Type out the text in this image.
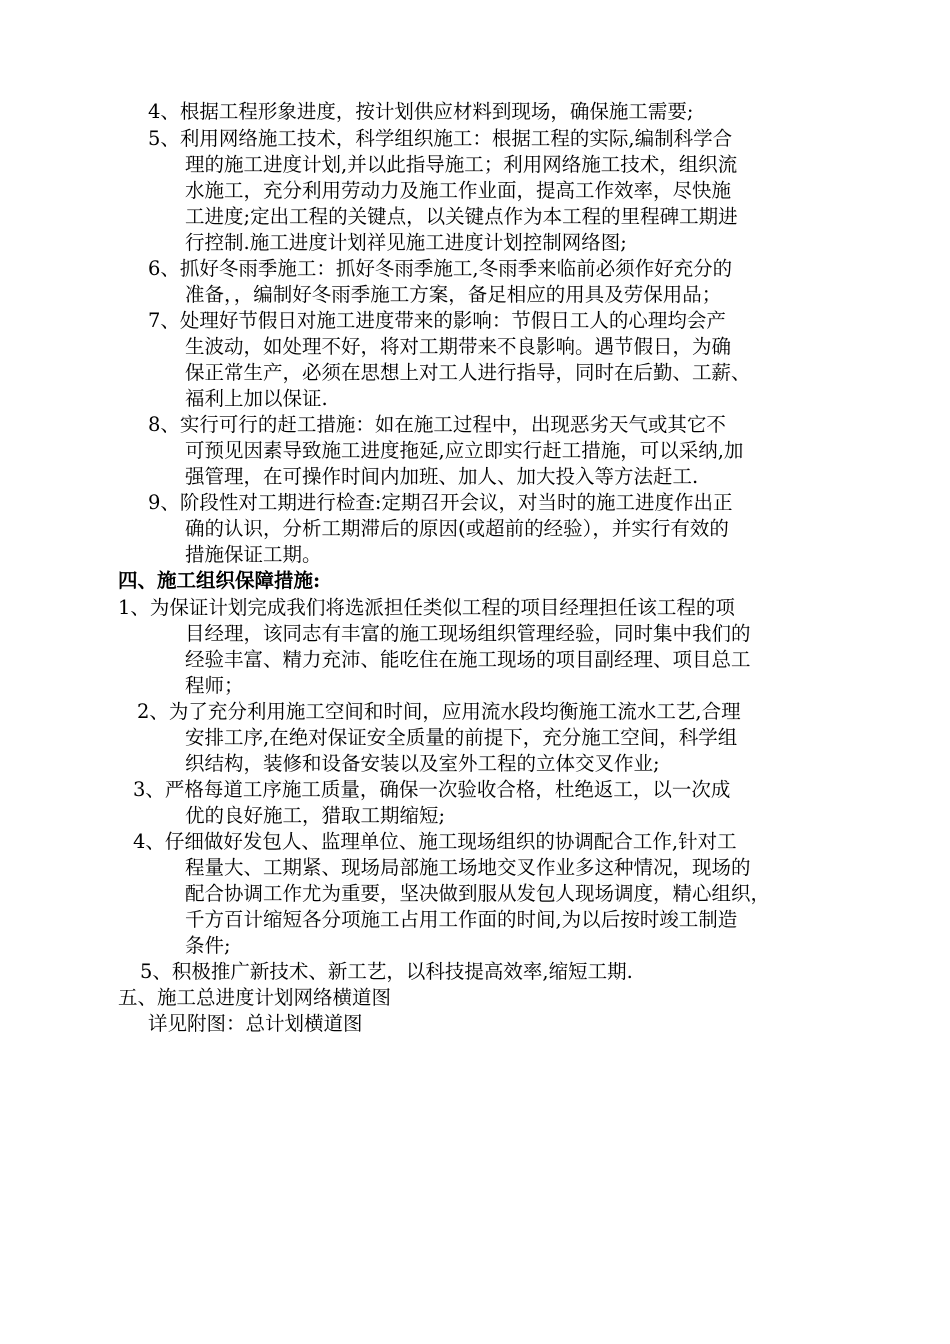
4、根据工程形象进度，按计划供应材料到现场，确保施工需要;
5、利用网络施工技术，科学组织施工：根据工程的实际,编制科学合
理的施工进度计划,并以此指导施工；利用网络施工技术，组织流
水施工，充分利用劳动力及施工作业面，提高工作效率，尽快施
工进度;定出工程的关键点，以关键点作为本工程的里程碑工期进
行控制.施工进度计划祥见施工进度计划控制网络图;
6、抓好冬雨季施工：抓好冬雨季施工,冬雨季来临前必须作好充分的
准备，，编制好冬雨季施工方案，备足相应的用具及劳保用品；
7、处理好节假日对施工进度带来的影响：节假日工人的心理均会产
生波动，如处理不好，将对工期带来不良影响。遇节假日，为确
保正常生产，必须在思想上对工人进行指导，同时在后勤、工薪、
福利上加以保证.
8、实行可行的赶工措施：如在施工过程中，出现恶劣天气或其它不
可预见因素导致施工进度拖延,应立即实行赶工措施，可以采纳,加
强管理，在可操作时间内加班、加人、加大投入等方法赶工.
9、阶段性对工期进行检查:定期召开会议，对当时的施工进度作出正
确的认识，分析工期滞后的原因(或超前的经验），并实行有效的
措施保证工期。
四、施工组织保障措施:
1、为保证计划完成我们将选派担任类似工程的项目经理担任该工程的项
目经理，该同志有丰富的施工现场组织管理经验，同时集中我们的
经验丰富、精力充沛、能吃住在施工现场的项目副经理、项目总工
程师；
2、为了充分利用施工空间和时间，应用流水段均衡施工流水工艺,合理
安排工序,在绝对保证安全质量的前提下，充分施工空间，科学组
织结构，装修和设备安装以及室外工程的立体交叉作业;
3、严格每道工序施工质量，确保一次验收合格，杜绝返工，以一次成
优的良好施工，猎取工期缩短;
4、仔细做好发包人、监理单位、施工现场组织的协调配合工作,针对工
程量大、工期紧、现场局部施工场地交叉作业多这种情况，现场的
配合协调工作尤为重要，坚决做到服从发包人现场调度，精心组织，
千方百计缩短各分项施工占用工作面的时间,为以后按时竣工制造
条件;
5、积极推广新技术、新工艺，以科技提高效率,缩短工期.
五、施工总进度计划网络横道图
详见附图：总计划横道图
